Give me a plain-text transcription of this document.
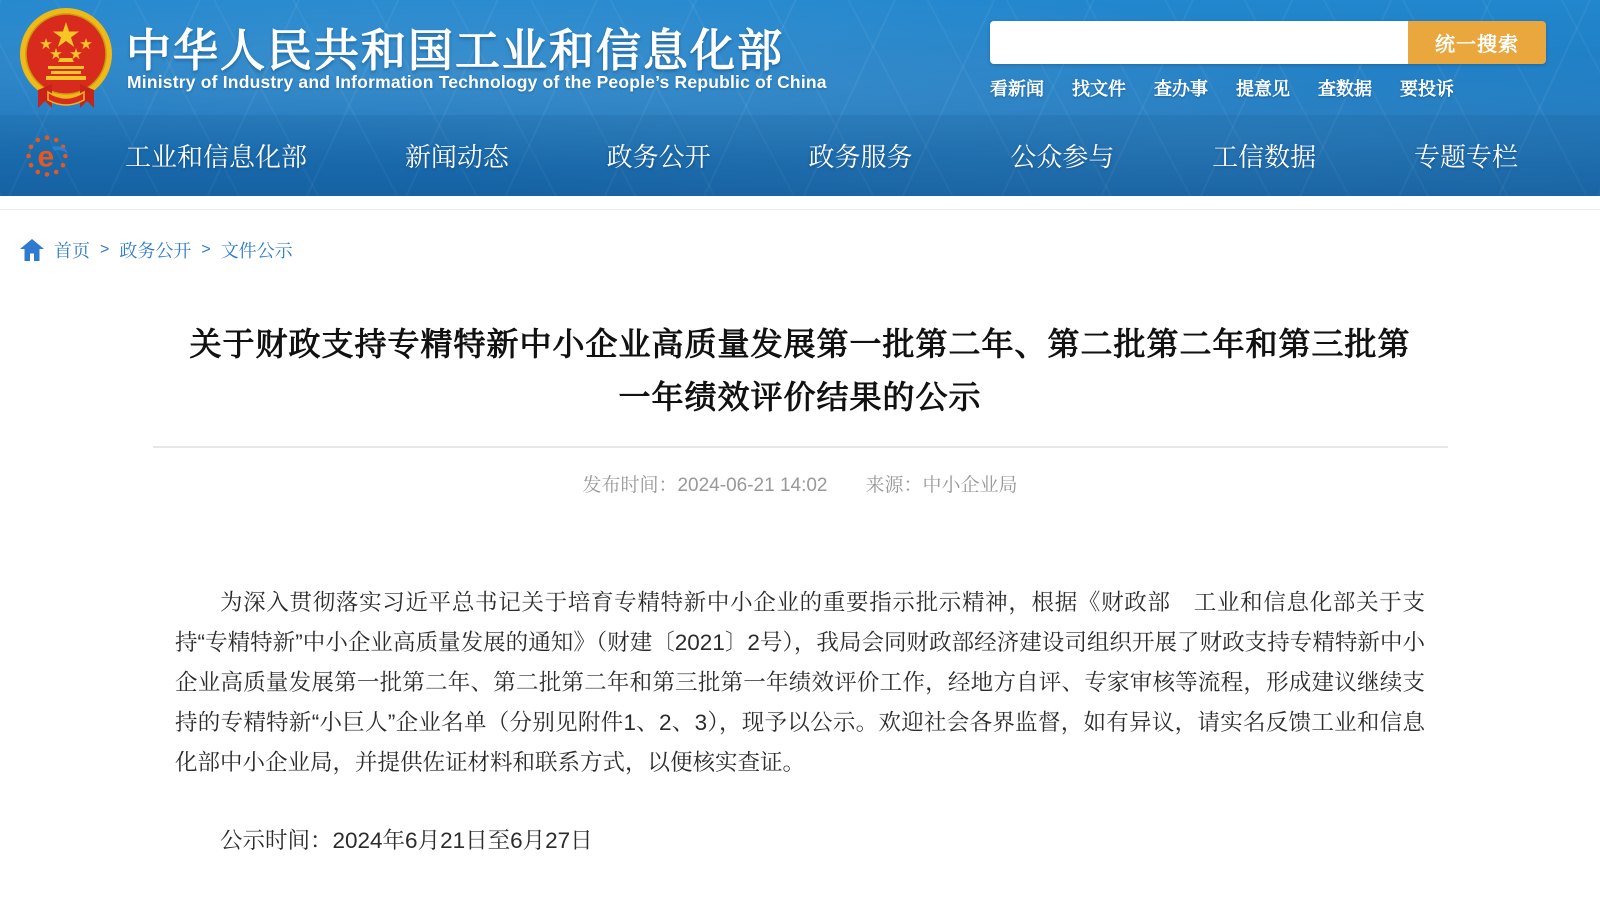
中华人民共和国工业和信息化部
Ministry of Industry and Information Technology of the People’s Republic of China
统一搜索
看新闻 找文件 查办事 提意见 查数据 要投诉
e	工业和信息化部	新闻动态	政务公开	政务服务	公众参与	工信数据	专题专栏
首页 > 政务公开 > 文件公示
关于财政支持专精特新中小企业高质量发展第一批第二年、第二批第二年和第三批第一年绩效评价结果的公示
发布时间：2024-06-21 14:02 来源：中小企业局

为深入贯彻落实习近平总书记关于培育专精特新中小企业的重要指示批示精神，根据《财政部　工业和信息化部关于支持“专精特新”中小企业高质量发展的通知》（财建〔2021〕2号），我局会同财政部经济建设司组织开展了财政支持专精特新中小企业高质量发展第一批第二年、第二批第二年和第三批第一年绩效评价工作，经地方自评、专家审核等流程，形成建议继续支持的专精特新“小巨人”企业名单（分别见附件1、2、3），现予以公示。欢迎社会各界监督，如有异议，请实名反馈工业和信息化部中小企业局，并提供佐证材料和联系方式，以便核实查证。

公示时间：2024年6月21日至6月27日
